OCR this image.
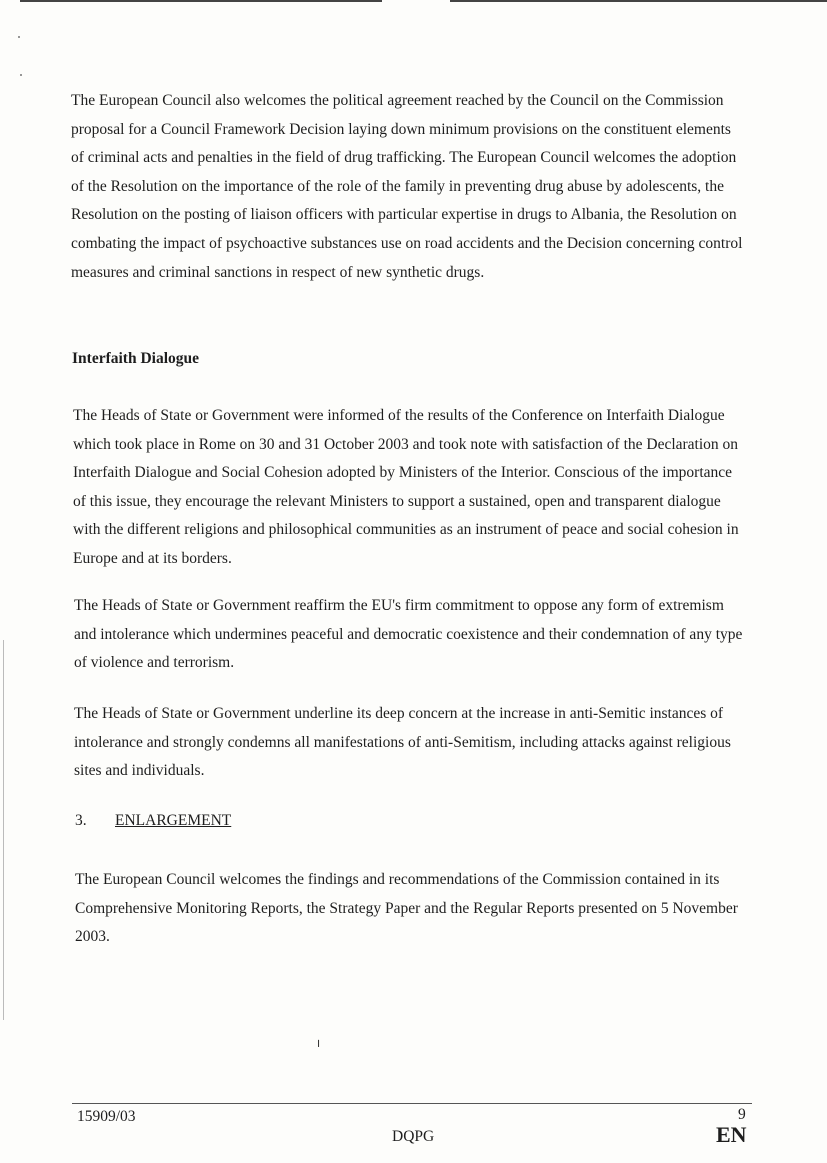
The European Council also welcomes the political agreement reached by the Council on the Commission proposal for a Council Framework Decision laying down minimum provisions on the constituent elements of criminal acts and penalties in the field of drug trafficking. The European Council welcomes the adoption of the Resolution on the importance of the role of the family in preventing drug abuse by adolescents, the Resolution on the posting of liaison officers with particular expertise in drugs to Albania, the Resolution on combating the impact of psychoactive substances use on road accidents and the Decision concerning control measures and criminal sanctions in respect of new synthetic drugs.

Interfaith Dialogue

The Heads of State or Government were informed of the results of the Conference on Interfaith Dialogue which took place in Rome on 30 and 31 October 2003 and took note with satisfaction of the Declaration on Interfaith Dialogue and Social Cohesion adopted by Ministers of the Interior. Conscious of the importance of this issue, they encourage the relevant Ministers to support a sustained, open and transparent dialogue with the different religions and philosophical communities as an instrument of peace and social cohesion in Europe and at its borders.

The Heads of State or Government reaffirm the EU's firm commitment to oppose any form of extremism and intolerance which undermines peaceful and democratic coexistence and their condemnation of any type of violence and terrorism.

The Heads of State or Government underline its deep concern at the increase in anti-Semitic instances of intolerance and strongly condemns all manifestations of anti-Semitism, including attacks against religious sites and individuals.

3. ENLARGEMENT

The European Council welcomes the findings and recommendations of the Commission contained in its Comprehensive Monitoring Reports, the Strategy Paper and the Regular Reports presented on 5 November 2003.

╵
15909/03	9
DQPG	EN
